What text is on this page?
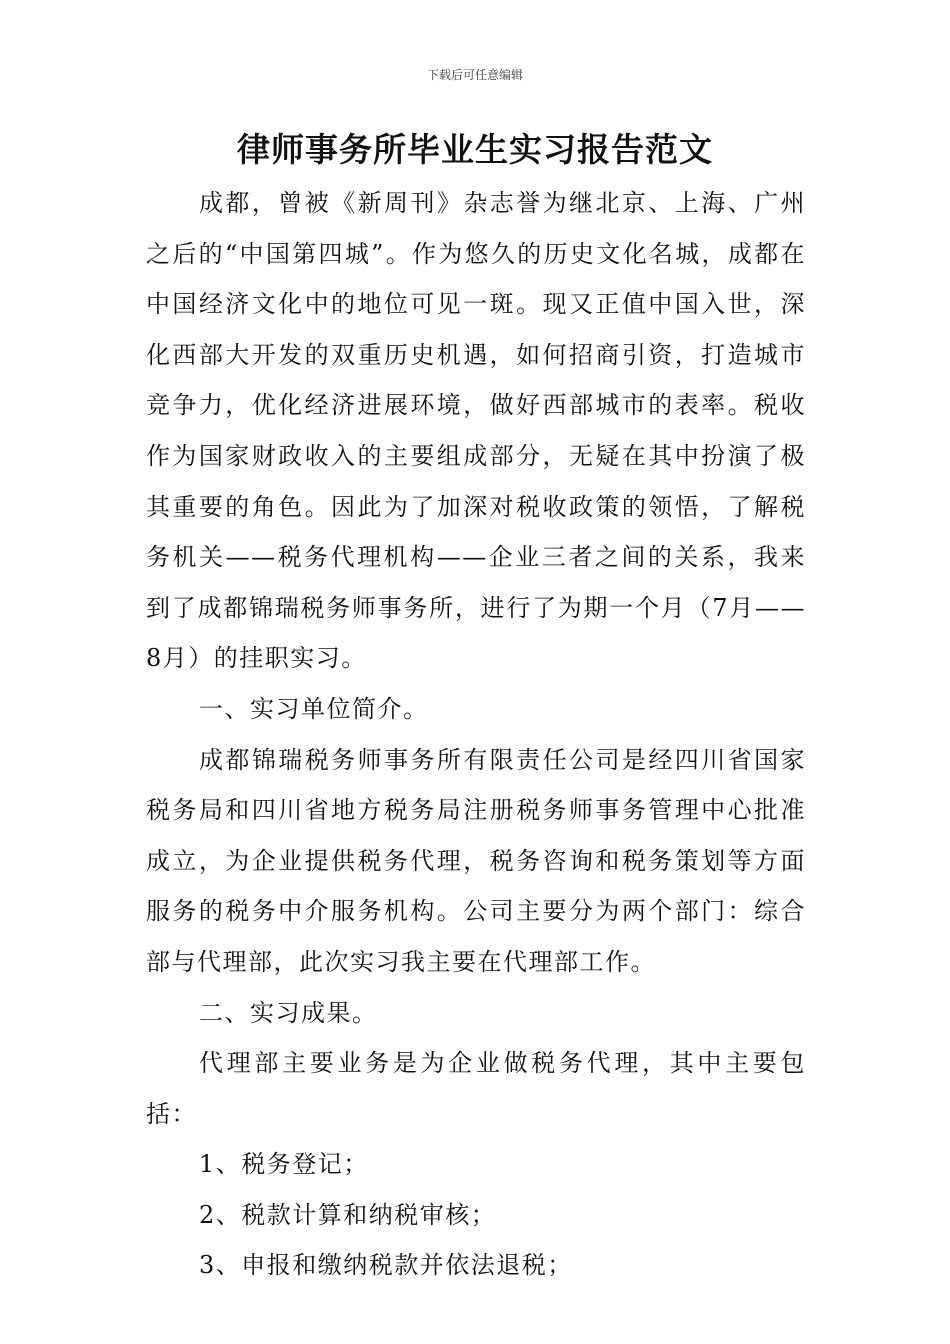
下载后可任意编辑
律师事务所毕业生实习报告范文

成都，曾被《新周刊》杂志誉为继北京、上海、广州之后的“中国第四城”。作为悠久的历史文化名城，成都在中国经济文化中的地位可见一斑。现又正值中国入世，深化西部大开发的双重历史机遇，如何招商引资，打造城市竞争力，优化经济进展环境，做好西部城市的表率。税收作为国家财政收入的主要组成部分，无疑在其中扮演了极其重要的角色。因此为了加深对税收政策的领悟，了解税务机关——税务代理机构——企业三者之间的关系，我来到了成都锦瑞税务师事务所，进行了为期一个月（7月——8月）的挂职实习。

一、实习单位简介。

成都锦瑞税务师事务所有限责任公司是经四川省国家税务局和四川省地方税务局注册税务师事务管理中心批准成立，为企业提供税务代理，税务咨询和税务策划等方面服务的税务中介服务机构。公司主要分为两个部门：综合部与代理部，此次实习我主要在代理部工作。

二、实习成果。

代理部主要业务是为企业做税务代理，其中主要包括：

1、税务登记；

2、税款计算和纳税审核；

3、申报和缴纳税款并依法退税；
